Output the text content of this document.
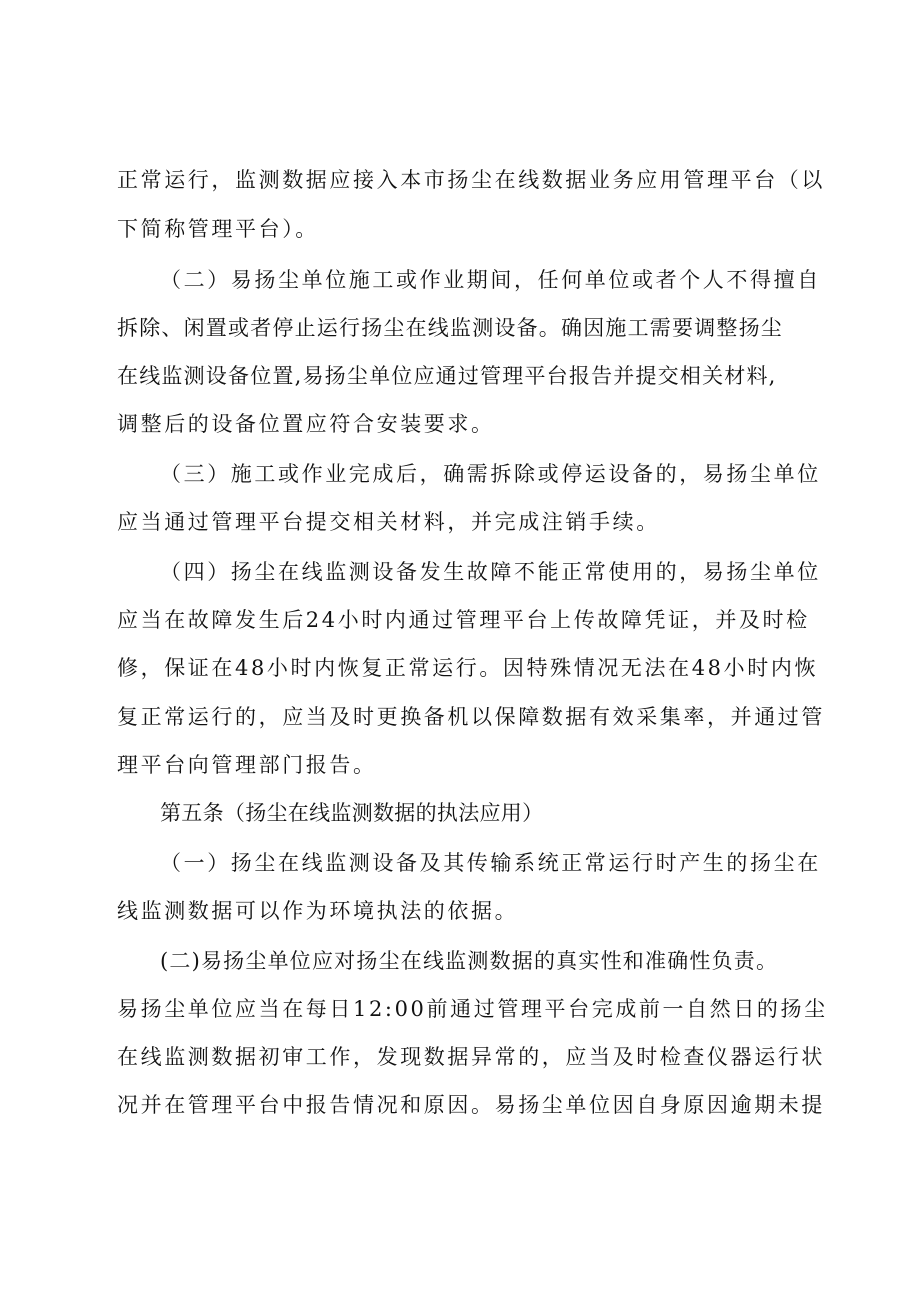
正常运行，监测数据应接入本市扬尘在线数据业务应用管理平台（以
下简称管理平台）。
（二）易扬尘单位施工或作业期间，任何单位或者个人不得擅自
拆除、闲置或者停止运行扬尘在线监测设备。确因施工需要调整扬尘
在线监测设备位置,易扬尘单位应通过管理平台报告并提交相关材料,
调整后的设备位置应符合安装要求。
（三）施工或作业完成后，确需拆除或停运设备的，易扬尘单位
应当通过管理平台提交相关材料，并完成注销手续。
（四）扬尘在线监测设备发生故障不能正常使用的，易扬尘单位
应当在故障发生后24小时内通过管理平台上传故障凭证，并及时检
修，保证在48小时内恢复正常运行。因特殊情况无法在48小时内恢
复正常运行的，应当及时更换备机以保障数据有效采集率，并通过管
理平台向管理部门报告。
第五条（扬尘在线监测数据的执法应用）
（一）扬尘在线监测设备及其传输系统正常运行时产生的扬尘在
线监测数据可以作为环境执法的依据。
(二)易扬尘单位应对扬尘在线监测数据的真实性和准确性负责。
易扬尘单位应当在每日12:00前通过管理平台完成前一自然日的扬尘
在线监测数据初审工作，发现数据异常的，应当及时检查仪器运行状
况并在管理平台中报告情况和原因。易扬尘单位因自身原因逾期未提
